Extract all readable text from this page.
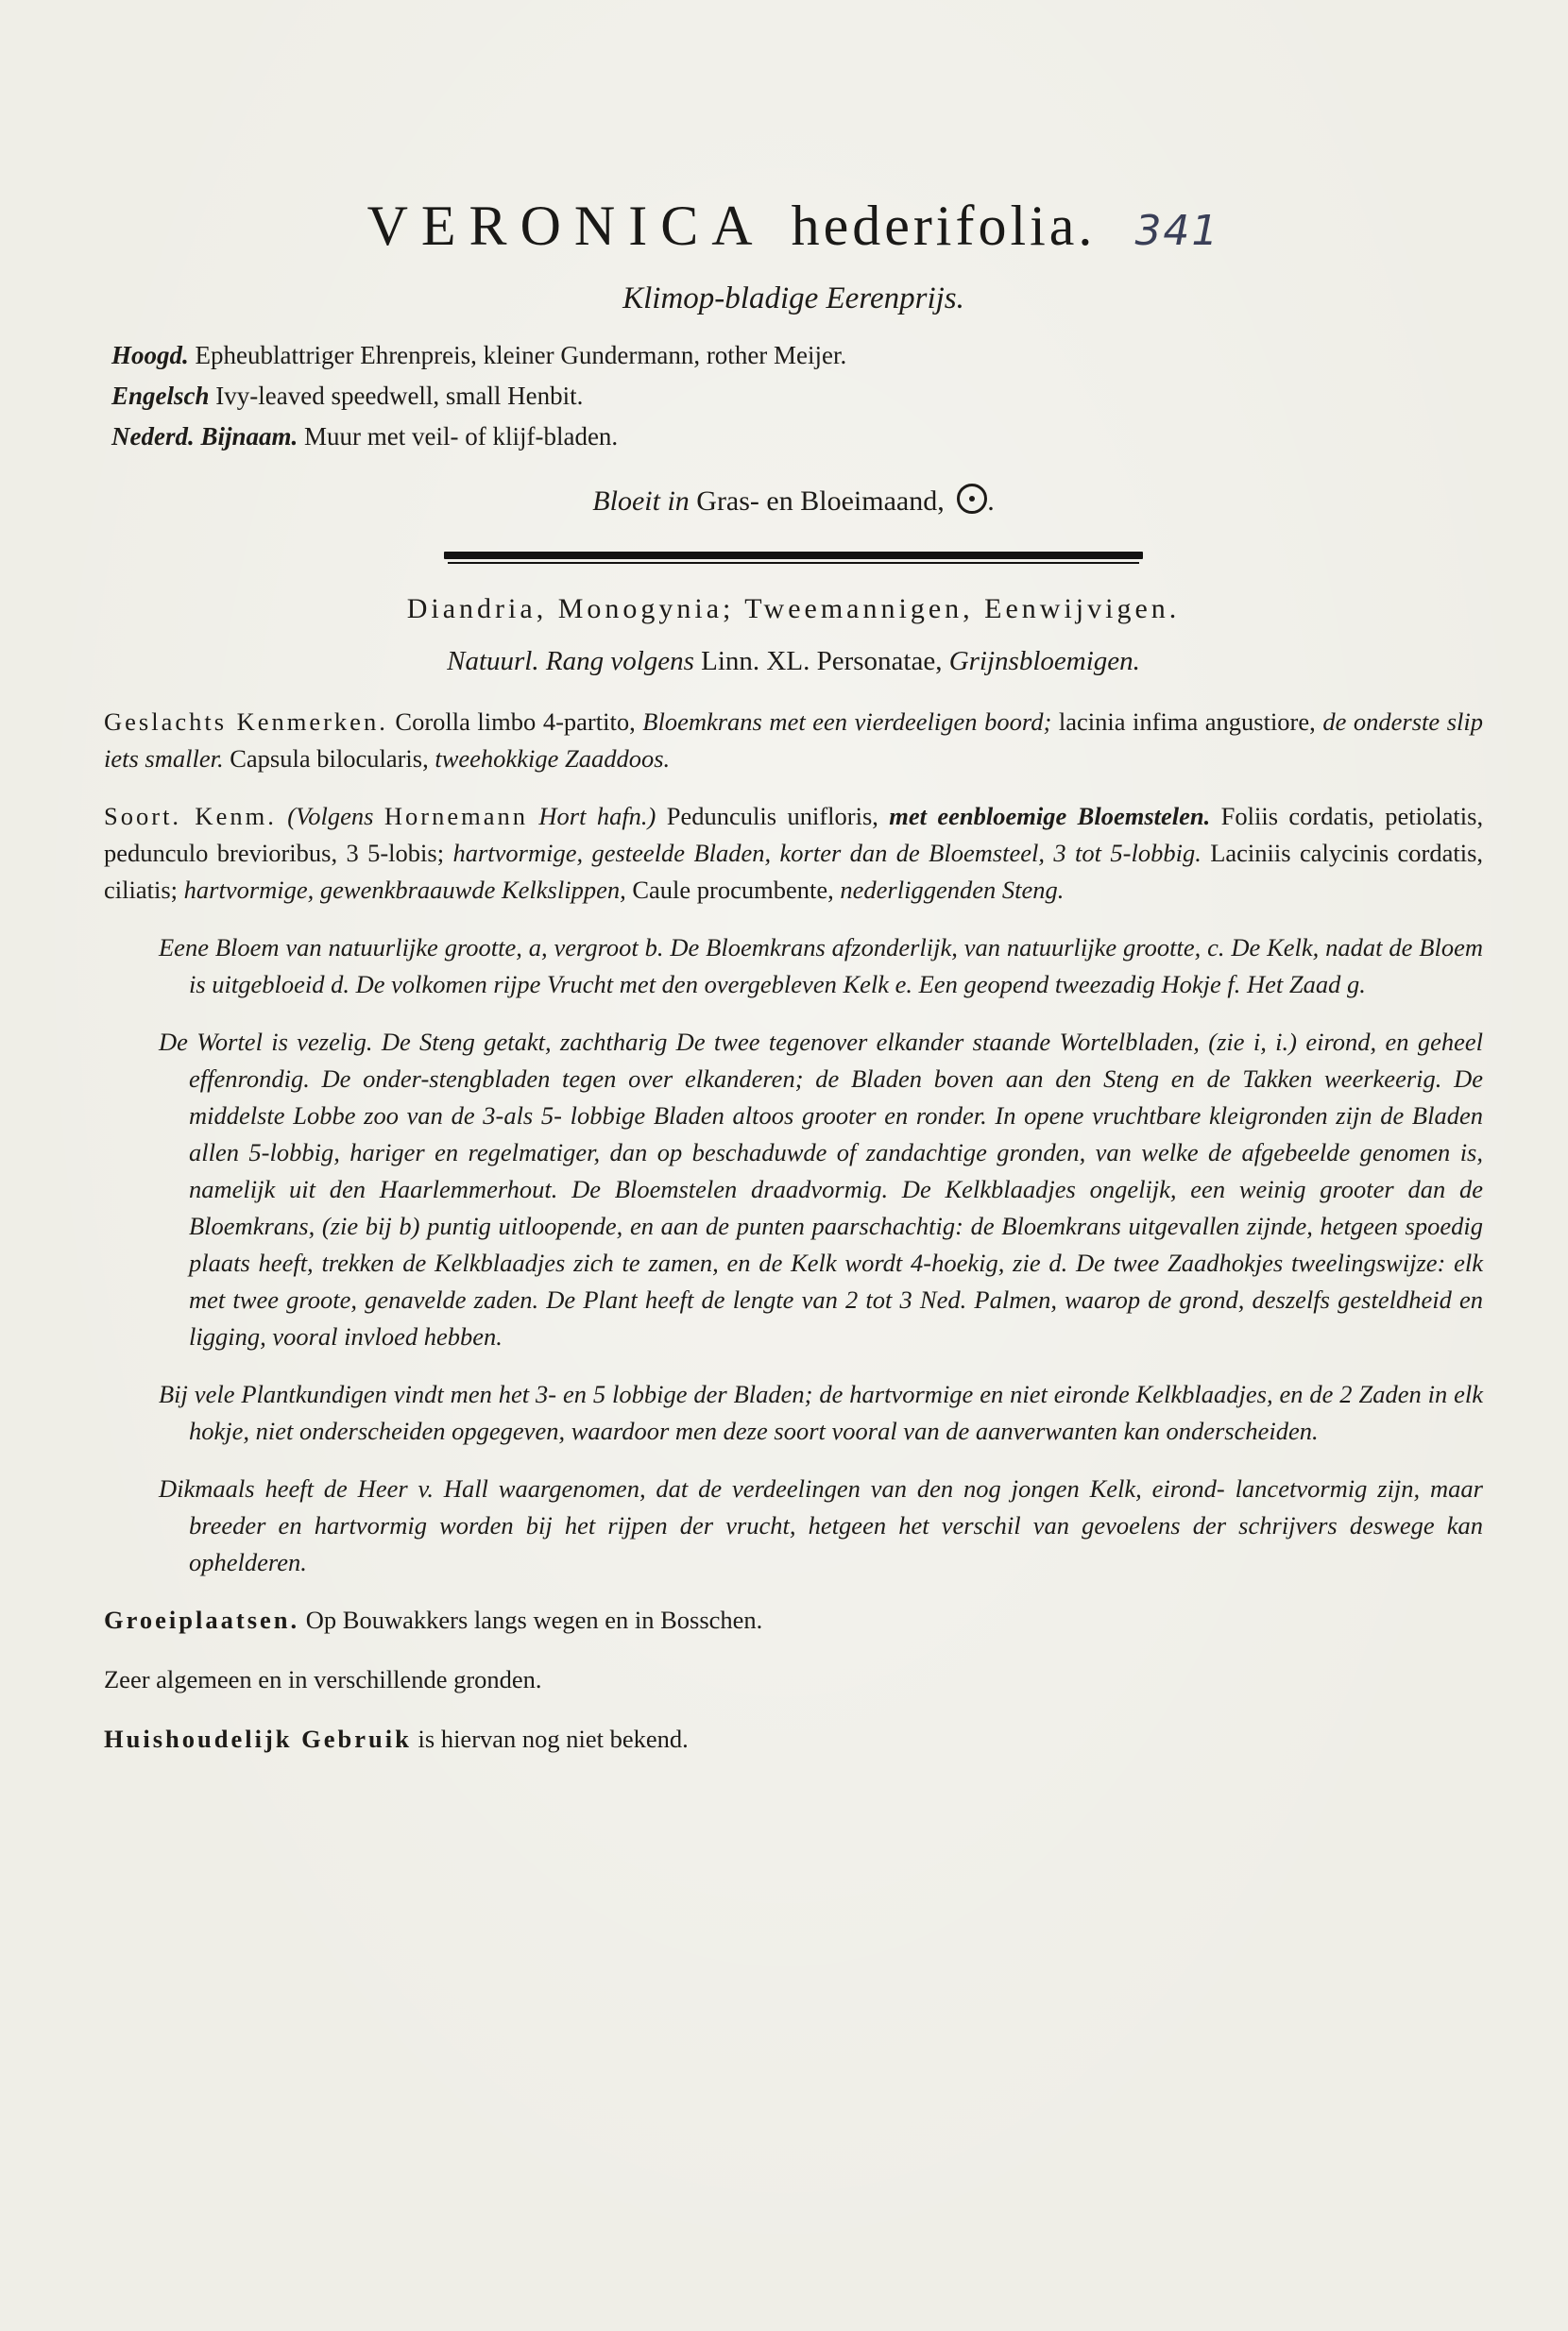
VERONICA hederifolia. 341
Klimop-bladige Eerenprijs.
Hoogd. Epheublattriger Ehrenpreis, kleiner Gundermann, rother Meijer.
Engelsch Ivy-leaved speedwell, small Henbit.
Nederd. Bijnaam. Muur met veil- of klijf-bladen.
Bloeit in Gras- en Bloeimaand, .
Diandria, Monogynia; Tweemannigen, Eenwijvigen.
Natuurl. Rang volgens Linn. XL. Personatae, Grijnsbloemigen.

Geslachts Kenmerken. Corolla limbo 4-partito, Bloemkrans met een vierdeeligen boord; lacinia infima angustiore, de onderste slip iets smaller. Capsula bilocularis, tweehokkige Zaaddoos.

Soort. Kenm. (Volgens Hornemann Hort hafn.) Pedunculis unifloris, met eenbloemige Bloemstelen. Foliis cordatis, petiolatis, pedunculo brevioribus, 3 5-lobis; hartvormige, gesteelde Bladen, korter dan de Bloemsteel, 3 tot 5-lobbig. Laciniis calycinis cordatis, ciliatis; hartvormige, gewenkbraauwde Kelkslippen, Caule procumbente, nederliggenden Steng.

Eene Bloem van natuurlijke grootte, a, vergroot b. De Bloemkrans afzonderlijk, van natuurlijke grootte, c. De Kelk, nadat de Bloem is uitgebloeid d. De volkomen rijpe Vrucht met den overgebleven Kelk e. Een geopend tweezadig Hokje f. Het Zaad g.

De Wortel is vezelig. De Steng getakt, zachtharig De twee tegenover elkander staande Wortelbladen, (zie i, i.) eirond, en geheel effenrondig. De onder-stengbladen tegen over elkanderen; de Bladen boven aan den Steng en de Takken weerkeerig. De middelste Lobbe zoo van de 3-als 5- lobbige Bladen altoos grooter en ronder. In opene vruchtbare kleigronden zijn de Bladen allen 5-lobbig, hariger en regelmatiger, dan op beschaduwde of zandachtige gronden, van welke de afgebeelde genomen is, namelijk uit den Haarlemmerhout. De Bloemstelen draadvormig. De Kelkblaadjes ongelijk, een weinig grooter dan de Bloemkrans, (zie bij b) puntig uitloopende, en aan de punten paarschachtig: de Bloemkrans uitgevallen zijnde, hetgeen spoedig plaats heeft, trekken de Kelkblaadjes zich te zamen, en de Kelk wordt 4-hoekig, zie d. De twee Zaadhokjes tweelingswijze: elk met twee groote, genavelde zaden. De Plant heeft de lengte van 2 tot 3 Ned. Palmen, waarop de grond, deszelfs gesteldheid en ligging, vooral invloed hebben.

Bij vele Plantkundigen vindt men het 3- en 5 lobbige der Bladen; de hartvormige en niet eironde Kelkblaadjes, en de 2 Zaden in elk hokje, niet onderscheiden opgegeven, waardoor men deze soort vooral van de aanverwanten kan onderscheiden.

Dikmaals heeft de Heer v. Hall waargenomen, dat de verdeelingen van den nog jongen Kelk, eirond- lancetvormig zijn, maar breeder en hartvormig worden bij het rijpen der vrucht, hetgeen het verschil van gevoelens der schrijvers deswege kan ophelderen.

Groeiplaatsen. Op Bouwakkers langs wegen en in Bosschen.

Zeer algemeen en in verschillende gronden.

Huishoudelijk Gebruik is hiervan nog niet bekend.
